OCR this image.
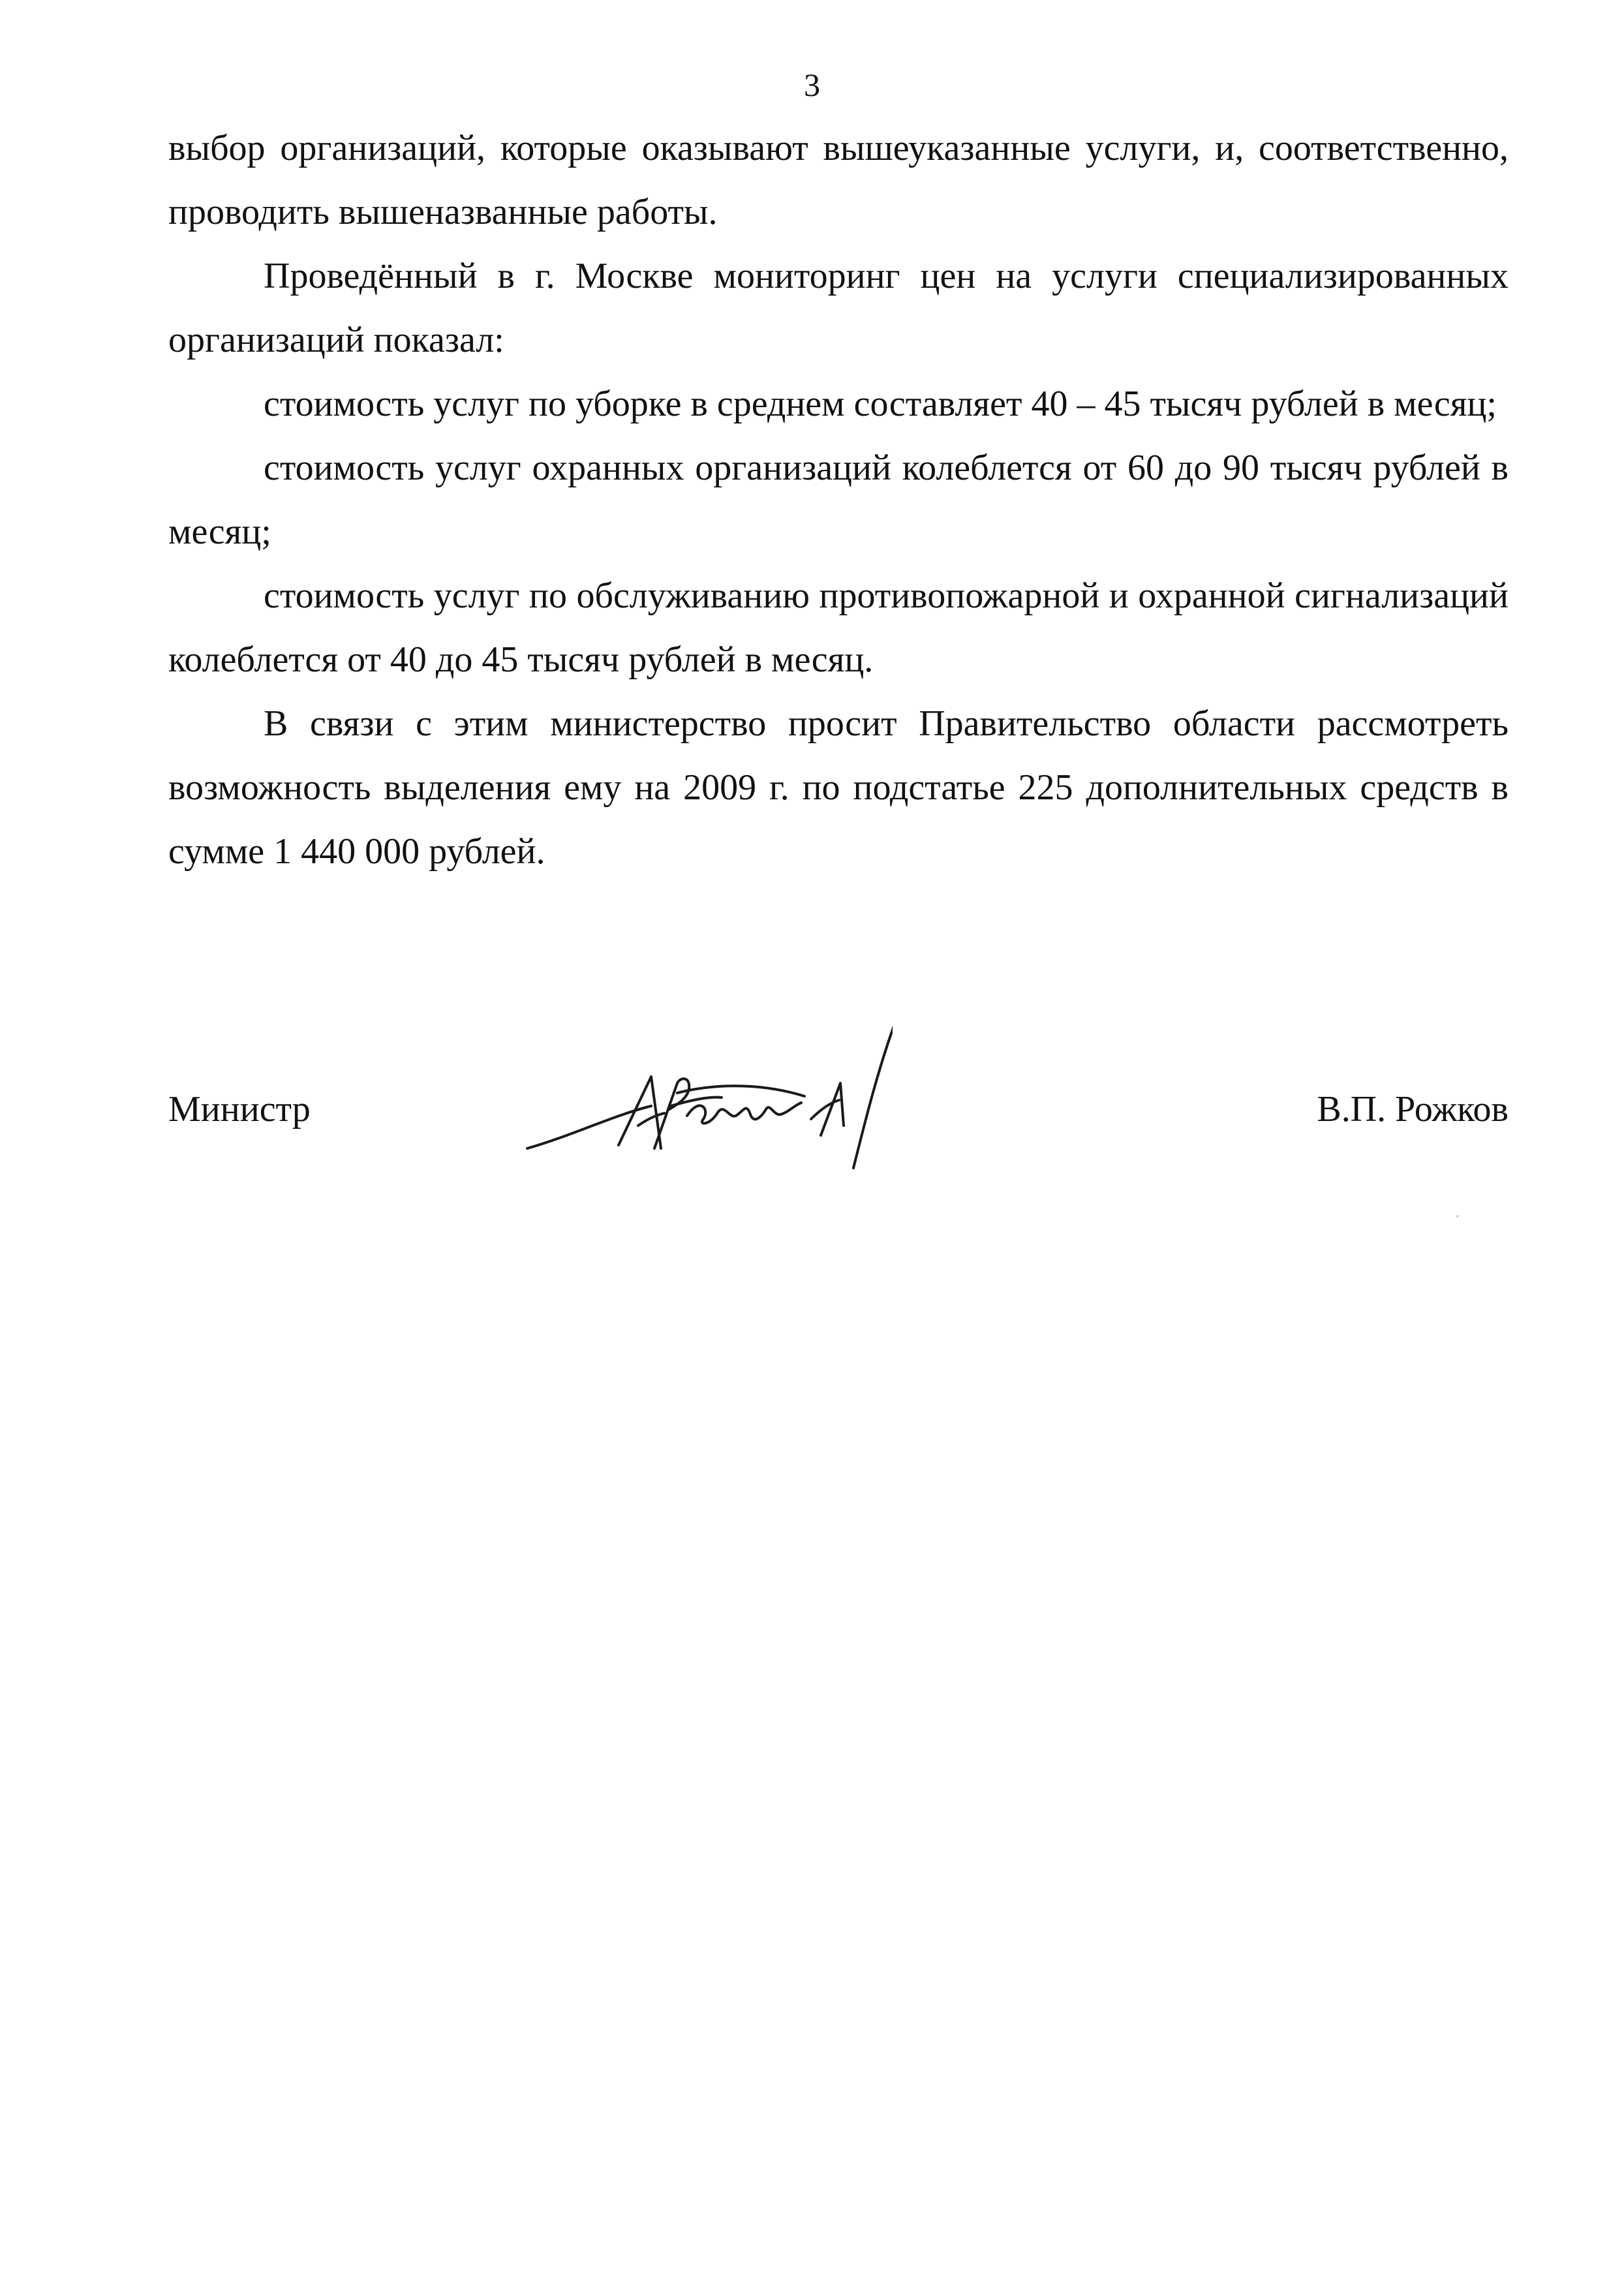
3

выбор организаций, которые оказывают вышеуказанные услуги, и, соответственно, проводить вышеназванные работы.

Проведённый в г. Москве мониторинг цен на услуги специализированных организаций показал:

стоимость услуг по уборке в среднем составляет 40 – 45 тысяч рублей в месяц;

стоимость услуг охранных организаций колеблется от 60 до 90 тысяч рублей в месяц;

стоимость услуг по обслуживанию противопожарной и охранной сигнализаций колеблется от 40 до 45 тысяч рублей в месяц.

В связи с этим министерство просит Правительство области рассмотреть возможность выделения ему на 2009 г. по подстатье 225 дополнительных средств в сумме 1 440 000 рублей.

Министр	В.П. Рожков
